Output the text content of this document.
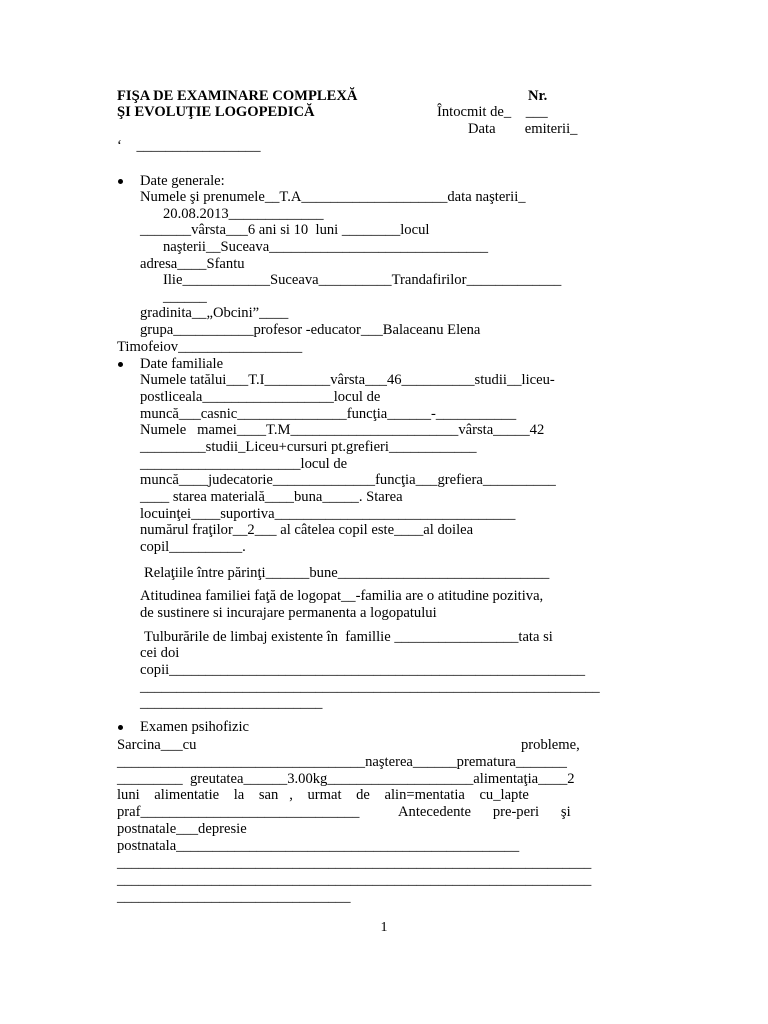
FIŞA DE EXAMINARE COMPLEXĂ	Nr.
ŞI EVOLUŢIE LOGOPEDICĂ	Întocmit de_    ___
Data        emiterii_
‘    _________________
Date generale:
Numele şi prenumele__T.A____________________data naşterii_
20.08.2013_____________
_______vârsta___6 ani si 10  luni ________locul
naşterii__Suceava______________________________
adresa____Sfantu
Ilie____________Suceava__________Trandafirilor_____________
______
gradinita__„Obcini”____
grupa___________profesor -educator___Balaceanu Elena
Timofeiov_________________
Date familiale
Numele tatălui___T.I_________vârsta___46__________studii__liceu-
postliceala__________________locul de
muncă___casnic_______________funcţia______-___________
Numele   mamei____T.M_______________________vârsta_____42
_________studii_Liceu+cursuri pt.grefieri____________
______________________locul de
muncă____judecatorie______________funcţia___grefiera__________
____ starea materială____buna_____. Starea
locuinţei____suportiva_________________________________
numărul fraţilor__2___ al câtelea copil este____al doilea
copil__________.
Relaţiile între părinţi______bune_____________________________
Atitudinea familiei faţă de logopat__-familia are o atitudine pozitiva,
de sustinere si incurajare permanenta a logopatului
Tulburările de limbaj existente în  famillie _________________tata si
cei doi
copii_________________________________________________________
_______________________________________________________________
_________________________
Examen psihofizic
Sarcina___cu	probleme,
__________________________________naşterea______prematura_______
_________  greutatea______3.00kg____________________alimentaţia____2
luni    alimentatie    la    san   ,    urmat    de    alin=mentatia    cu_lapte
praf______________________________	Antecedente      pre-peri      şi
postnatale___depresie
postnatala_______________________________________________
_________________________________________________________________
_________________________________________________________________
________________________________
1
